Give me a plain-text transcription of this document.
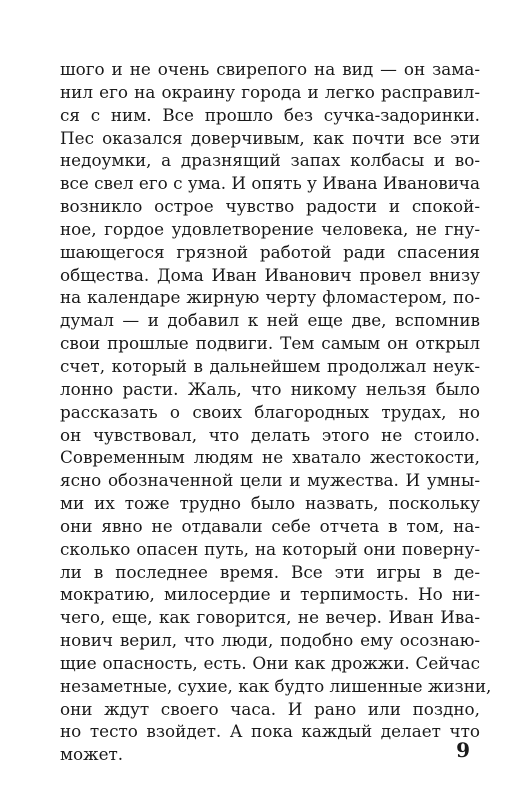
шого и не очень свирепого на вид — он зама-
нил его на окраину города и легко расправил-
ся с ним. Все прошло без сучка-задоринки.
Пес оказался доверчивым, как почти все эти
недоумки, а дразнящий запах колбасы и во-
все свел его с ума. И опять у Ивана Ивановича
возникло острое чувство радости и спокой-
ное, гордое удовлетворение человека, не гну-
шающегося грязной работой ради спасения
общества. Дома Иван Иванович провел внизу
на календаре жирную черту фломастером, по-
думал — и добавил к ней еще две, вспомнив
свои прошлые подвиги. Тем самым он открыл
счет, который в дальнейшем продолжал неук-
лонно расти. Жаль, что никому нельзя было
рассказать о своих благородных трудах, но
он чувствовал, что делать этого не стоило.
Современным людям не хватало жестокости,
ясно обозначенной цели и мужества. И умны-
ми их тоже трудно было назвать, поскольку
они явно не отдавали себе отчета в том, на-
сколько опасен путь, на который они поверну-
ли в последнее время. Все эти игры в де-
мократию, милосердие и терпимость. Но ни-
чего, еще, как говорится, не вечер. Иван Ива-
нович верил, что люди, подобно ему осознаю-
щие опасность, есть. Они как дрожжи. Сейчас
незаметные, сухие, как будто лишенные жизни,
они ждут своего часа. И рано или поздно,
но тесто взойдет. А пока каждый делает что
может.	9
